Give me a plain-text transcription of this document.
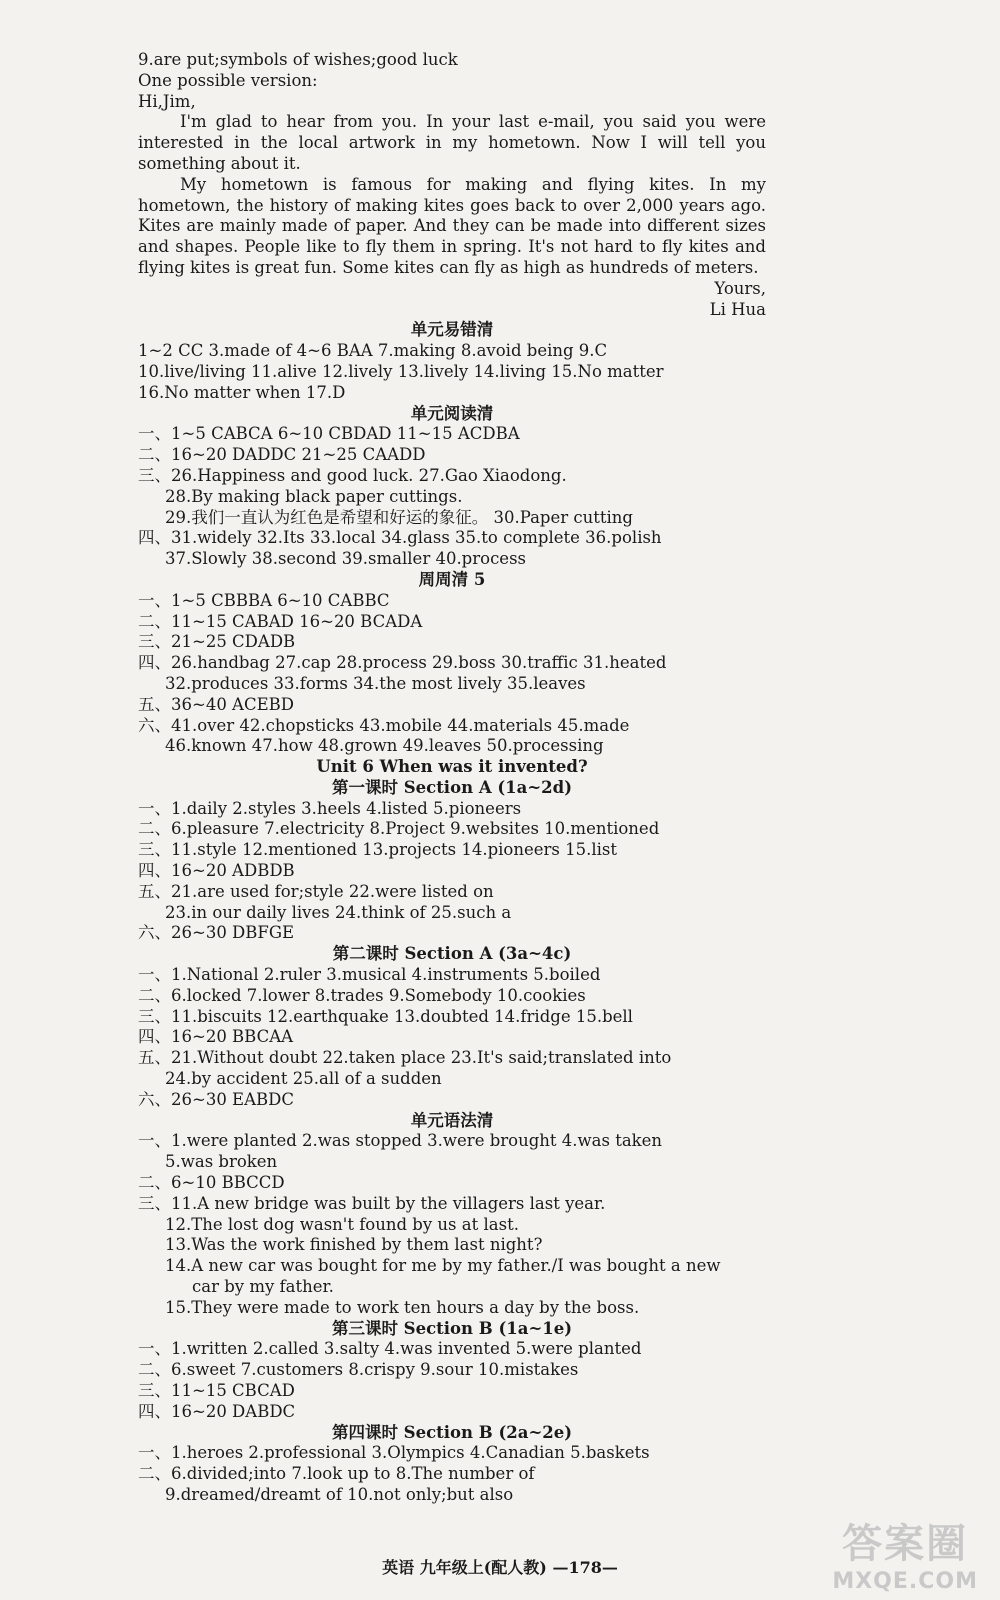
9.are put;symbols of wishes;good luck
One possible version:
Hi,Jim,
I'm glad to hear from you. In your last e-mail, you said you were interested in the local artwork in my hometown. Now I will tell you something about it.
My hometown is famous for making and flying kites. In my hometown, the history of making kites goes back to over 2,000 years ago. Kites are mainly made of paper. And they can be made into different sizes and shapes. People like to fly them in spring. It's not hard to fly kites and flying kites is great fun. Some kites can fly as high as hundreds of meters.
Yours,
Li Hua
单元易错清
1~2 CC 3.made of 4~6 BAA 7.making 8.avoid being 9.C
10.live/living 11.alive 12.lively 13.lively 14.living 15.No matter
16.No matter when 17.D
单元阅读清
一、1~5 CABCA 6~10 CBDAD 11~15 ACDBA
二、16~20 DADDC 21~25 CAADD
三、26.Happiness and good luck. 27.Gao Xiaodong.
28.By making black paper cuttings.
29.我们一直认为红色是希望和好运的象征。 30.Paper cutting
四、31.widely 32.Its 33.local 34.glass 35.to complete 36.polish
37.Slowly 38.second 39.smaller 40.process
周周清 5
一、1~5 CBBBA 6~10 CABBC
二、11~15 CABAD 16~20 BCADA
三、21~25 CDADB
四、26.handbag 27.cap 28.process 29.boss 30.traffic 31.heated
32.produces 33.forms 34.the most lively 35.leaves
五、36~40 ACEBD
六、41.over 42.chopsticks 43.mobile 44.materials 45.made
46.known 47.how 48.grown 49.leaves 50.processing
Unit 6 When was it invented?
第一课时 Section A (1a~2d)
一、1.daily 2.styles 3.heels 4.listed 5.pioneers
二、6.pleasure 7.electricity 8.Project 9.websites 10.mentioned
三、11.style 12.mentioned 13.projects 14.pioneers 15.list
四、16~20 ADBDB
五、21.are used for;style 22.were listed on
23.in our daily lives 24.think of 25.such a
六、26~30 DBFGE
第二课时 Section A (3a~4c)
一、1.National 2.ruler 3.musical 4.instruments 5.boiled
二、6.locked 7.lower 8.trades 9.Somebody 10.cookies
三、11.biscuits 12.earthquake 13.doubted 14.fridge 15.bell
四、16~20 BBCAA
五、21.Without doubt 22.taken place 23.It's said;translated into
24.by accident 25.all of a sudden
六、26~30 EABDC
单元语法清
一、1.were planted 2.was stopped 3.were brought 4.was taken
5.was broken
二、6~10 BBCCD
三、11.A new bridge was built by the villagers last year.
12.The lost dog wasn't found by us at last.
13.Was the work finished by them last night?
14.A new car was bought for me by my father./I was bought a new
car by my father.
15.They were made to work ten hours a day by the boss.
第三课时 Section B (1a~1e)
一、1.written 2.called 3.salty 4.was invented 5.were planted
二、6.sweet 7.customers 8.crispy 9.sour 10.mistakes
三、11~15 CBCAD
四、16~20 DABDC
第四课时 Section B (2a~2e)
一、1.heroes 2.professional 3.Olympics 4.Canadian 5.baskets
二、6.divided;into 7.look up to 8.The number of
9.dreamed/dreamt of 10.not only;but also
英语 九年级上(配人教) —178—
答案圈
MXQE.COM
